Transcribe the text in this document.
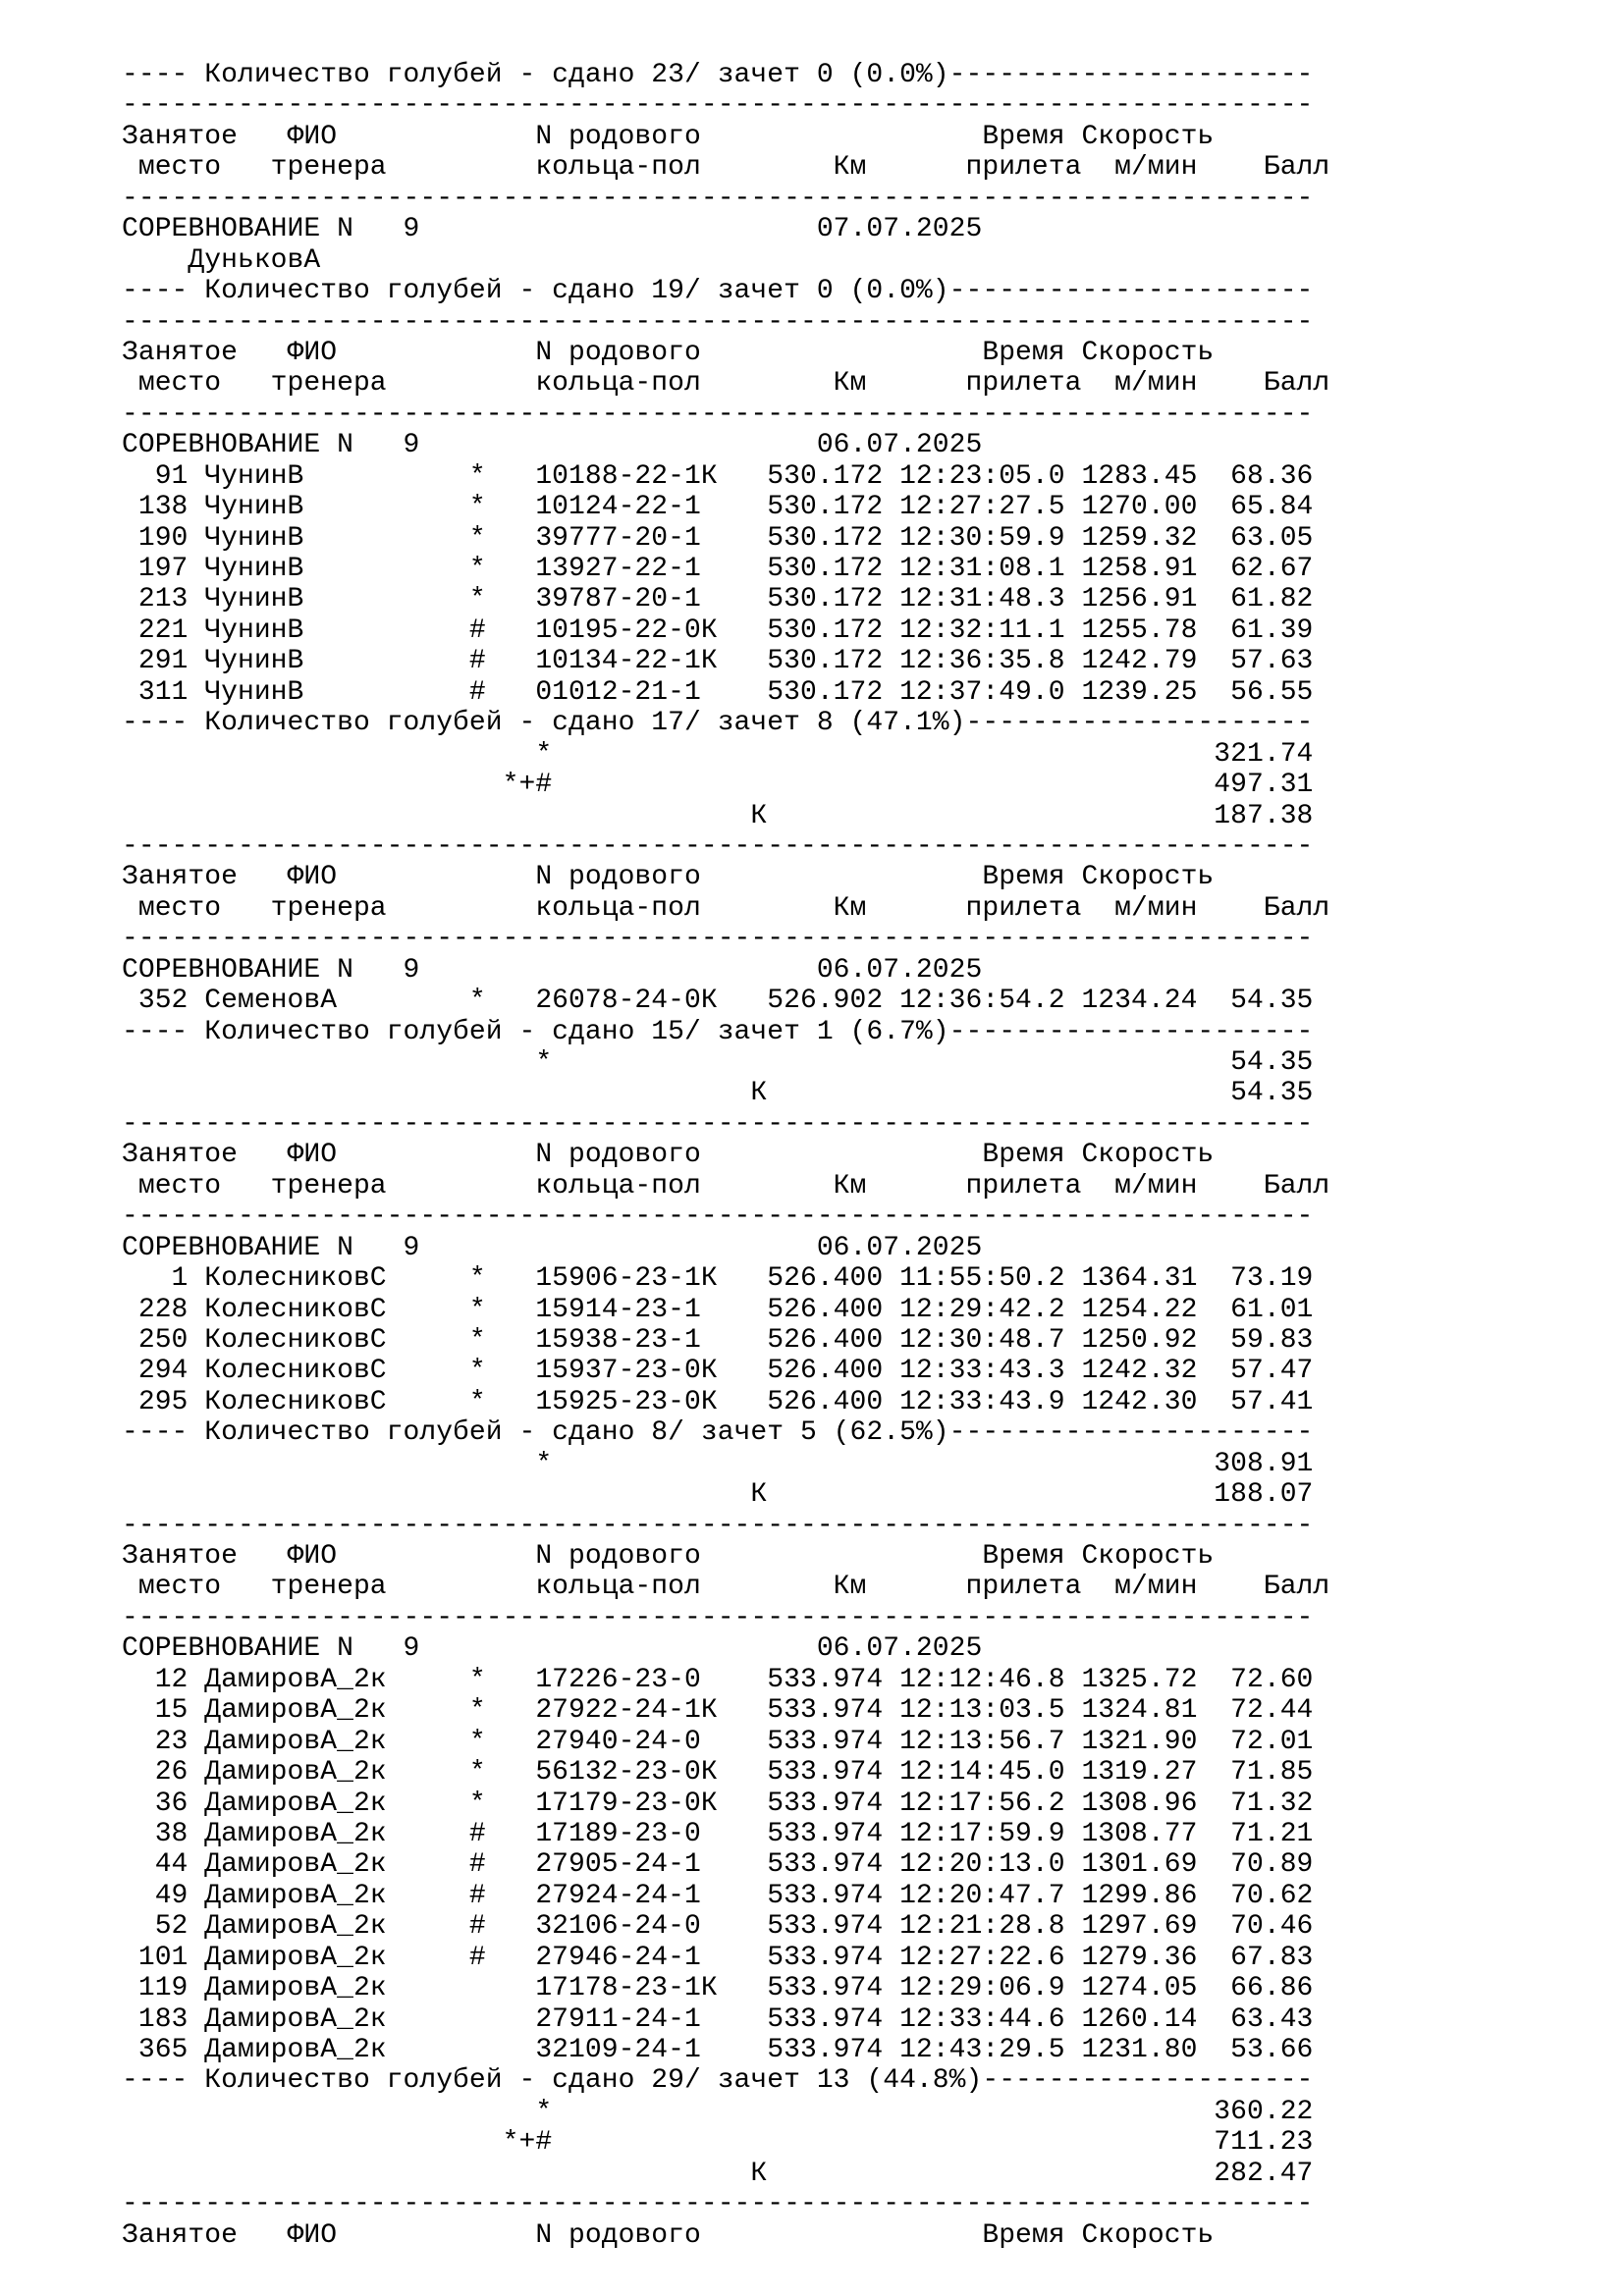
---- Количество голубей - сдано 23/ зачет 0 (0.0%)----------------------
------------------------------------------------------------------------
Занятое   ФИО            N родового                 Время Скорость
место   тренера         кольца-пол        Км      прилета  м/мин    Балл
------------------------------------------------------------------------
СОРЕВНОВАНИЕ N   9                        07.07.2025
ДуньковА
---- Количество голубей - сдано 19/ зачет 0 (0.0%)----------------------
------------------------------------------------------------------------
Занятое   ФИО            N родового                 Время Скорость
место   тренера         кольца-пол        Км      прилета  м/мин    Балл
------------------------------------------------------------------------
СОРЕВНОВАНИЕ N   9                        06.07.2025
91 ЧунинВ          *   10188-22-1К   530.172 12:23:05.0 1283.45  68.36
138 ЧунинВ          *   10124-22-1    530.172 12:27:27.5 1270.00  65.84
190 ЧунинВ          *   39777-20-1    530.172 12:30:59.9 1259.32  63.05
197 ЧунинВ          *   13927-22-1    530.172 12:31:08.1 1258.91  62.67
213 ЧунинВ          *   39787-20-1    530.172 12:31:48.3 1256.91  61.82
221 ЧунинВ          #   10195-22-0К   530.172 12:32:11.1 1255.78  61.39
291 ЧунинВ          #   10134-22-1К   530.172 12:36:35.8 1242.79  57.63
311 ЧунинВ          #   01012-21-1    530.172 12:37:49.0 1239.25  56.55
---- Количество голубей - сдано 17/ зачет 8 (47.1%)---------------------
*                                        321.74
*+#                                        497.31
К                           187.38
------------------------------------------------------------------------
Занятое   ФИО            N родового                 Время Скорость
место   тренера         кольца-пол        Км      прилета  м/мин    Балл
------------------------------------------------------------------------
СОРЕВНОВАНИЕ N   9                        06.07.2025
352 СеменовА        *   26078-24-0К   526.902 12:36:54.2 1234.24  54.35
---- Количество голубей - сдано 15/ зачет 1 (6.7%)----------------------
*                                         54.35
К                            54.35
------------------------------------------------------------------------
Занятое   ФИО            N родового                 Время Скорость
место   тренера         кольца-пол        Км      прилета  м/мин    Балл
------------------------------------------------------------------------
СОРЕВНОВАНИЕ N   9                        06.07.2025
1 КолесниковС     *   15906-23-1К   526.400 11:55:50.2 1364.31  73.19
228 КолесниковС     *   15914-23-1    526.400 12:29:42.2 1254.22  61.01
250 КолесниковС     *   15938-23-1    526.400 12:30:48.7 1250.92  59.83
294 КолесниковС     *   15937-23-0К   526.400 12:33:43.3 1242.32  57.47
295 КолесниковС     *   15925-23-0К   526.400 12:33:43.9 1242.30  57.41
---- Количество голубей - сдано 8/ зачет 5 (62.5%)----------------------
*                                        308.91
К                           188.07
------------------------------------------------------------------------
Занятое   ФИО            N родового                 Время Скорость
место   тренера         кольца-пол        Км      прилета  м/мин    Балл
------------------------------------------------------------------------
СОРЕВНОВАНИЕ N   9                        06.07.2025
12 ДамировА_2к     *   17226-23-0    533.974 12:12:46.8 1325.72  72.60
15 ДамировА_2к     *   27922-24-1К   533.974 12:13:03.5 1324.81  72.44
23 ДамировА_2к     *   27940-24-0    533.974 12:13:56.7 1321.90  72.01
26 ДамировА_2к     *   56132-23-0К   533.974 12:14:45.0 1319.27  71.85
36 ДамировА_2к     *   17179-23-0К   533.974 12:17:56.2 1308.96  71.32
38 ДамировА_2к     #   17189-23-0    533.974 12:17:59.9 1308.77  71.21
44 ДамировА_2к     #   27905-24-1    533.974 12:20:13.0 1301.69  70.89
49 ДамировА_2к     #   27924-24-1    533.974 12:20:47.7 1299.86  70.62
52 ДамировА_2к     #   32106-24-0    533.974 12:21:28.8 1297.69  70.46
101 ДамировА_2к     #   27946-24-1    533.974 12:27:22.6 1279.36  67.83
119 ДамировА_2к         17178-23-1К   533.974 12:29:06.9 1274.05  66.86
183 ДамировА_2к         27911-24-1    533.974 12:33:44.6 1260.14  63.43
365 ДамировА_2к         32109-24-1    533.974 12:43:29.5 1231.80  53.66
---- Количество голубей - сдано 29/ зачет 13 (44.8%)--------------------
*                                        360.22
*+#                                        711.23
К                           282.47
------------------------------------------------------------------------
Занятое   ФИО            N родового                 Время Скорость
